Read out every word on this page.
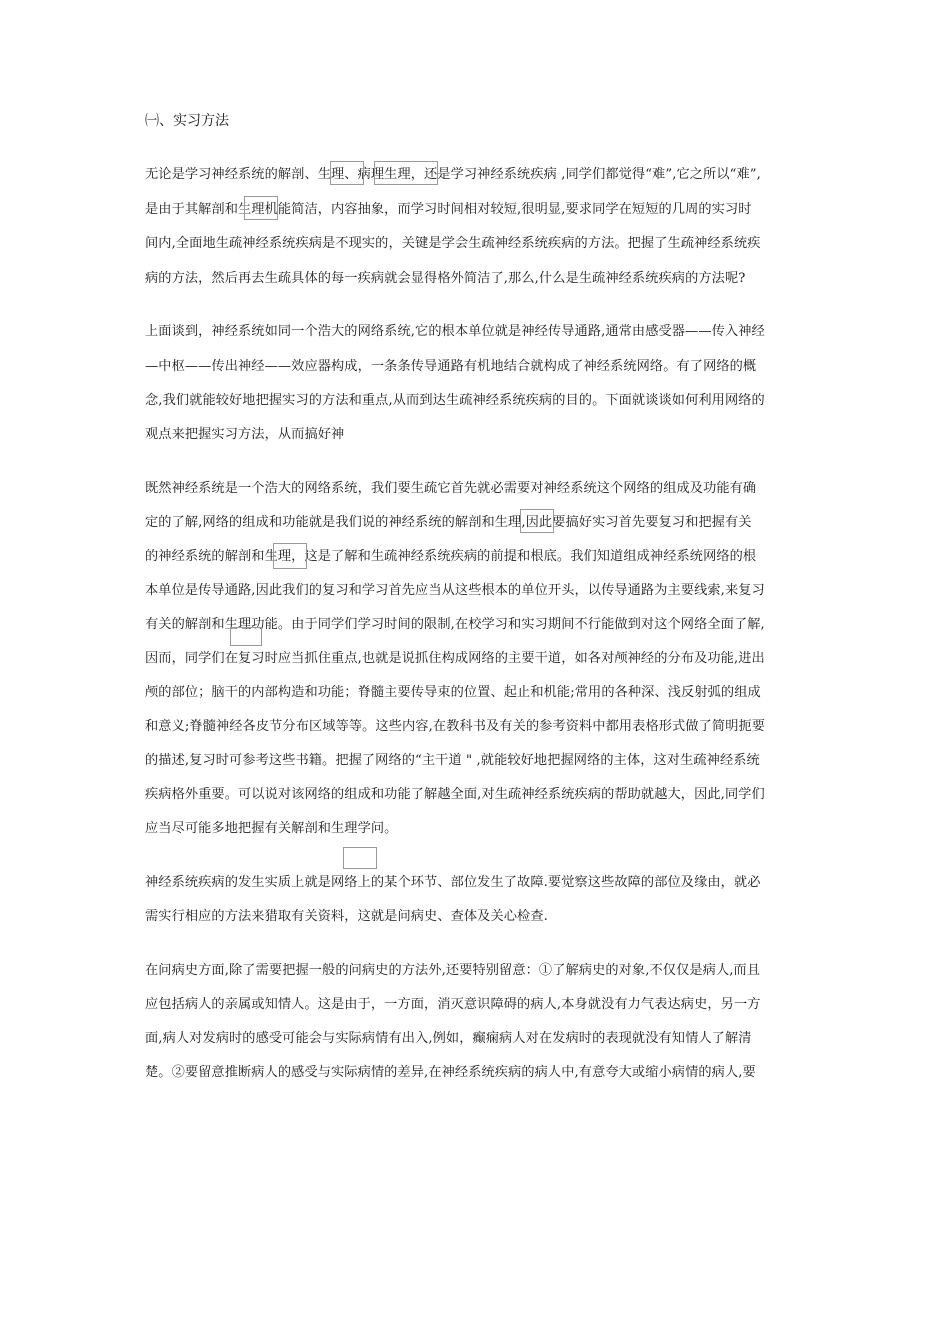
㈠、实习方法
无论是学习神经系统的解剖、生理、病理生理，还是学习神经系统疾病 ,同学们都觉得“难”,它之所以“难”,
是由于其解剖和生理机能简洁，内容抽象，而学习时间相对较短,很明显,要求同学在短短的几周的实习时
间内,全面地生疏神经系统疾病是不现实的，关键是学会生疏神经系统疾病的方法。把握了生疏神经系统疾
病的方法，然后再去生疏具体的每一疾病就会显得格外简洁了,那么,什么是生疏神经系统疾病的方法呢?
上面谈到，神经系统如同一个浩大的网络系统,它的根本单位就是神经传导通路,通常由感受器——传入神经
—中枢——传出神经——效应器构成，一条条传导通路有机地结合就构成了神经系统网络。有了网络的概
念,我们就能较好地把握实习的方法和重点,从而到达生疏神经系统疾病的目的。下面就谈谈如何利用网络的
观点来把握实习方法，从而搞好神
既然神经系统是一个浩大的网络系统，我们要生疏它首先就必需要对神经系统这个网络的组成及功能有确
定的了解,网络的组成和功能就是我们说的神经系统的解剖和生理,因此要搞好实习首先要复习和把握有关
的神经系统的解剖和生理，这是了解和生疏神经系统疾病的前提和根底。我们知道组成神经系统网络的根
本单位是传导通路,因此我们的复习和学习首先应当从这些根本的单位开头，以传导通路为主要线索,来复习
有关的解剖和生理功能。由于同学们学习时间的限制,在校学习和实习期间不行能做到对这个网络全面了解,
因而，同学们在复习时应当抓住重点,也就是说抓住构成网络的主要干道，如各对颅神经的分布及功能,进出
颅的部位；脑干的内部构造和功能；脊髓主要传导束的位置、起止和机能;常用的各种深、浅反射弧的组成
和意义;脊髓神经各皮节分布区域等等。这些内容,在教科书及有关的参考资料中都用表格形式做了简明扼要
的描述,复习时可参考这些书籍。把握了网络的“主干道 " ,就能较好地把握网络的主体，这对生疏神经系统
疾病格外重要。可以说对该网络的组成和功能了解越全面,对生疏神经系统疾病的帮助就越大，因此,同学们
应当尽可能多地把握有关解剖和生理学问。
神经系统疾病的发生实质上就是网络上的某个环节、部位发生了故障.要觉察这些故障的部位及缘由，就必
需实行相应的方法来猎取有关资料，这就是问病史、查体及关心检查.
在问病史方面,除了需要把握一般的问病史的方法外,还要特别留意：①了解病史的对象,不仅仅是病人,而且
应包括病人的亲属或知情人。这是由于，一方面，消灭意识障碍的病人,本身就没有力气表达病史，另一方
面,病人对发病时的感受可能会与实际病情有出入,例如，癫痫病人对在发病时的表现就没有知情人了解清
楚。②要留意推断病人的感受与实际病情的差异,在神经系统疾病的病人中,有意夸大或缩小病情的病人,要
